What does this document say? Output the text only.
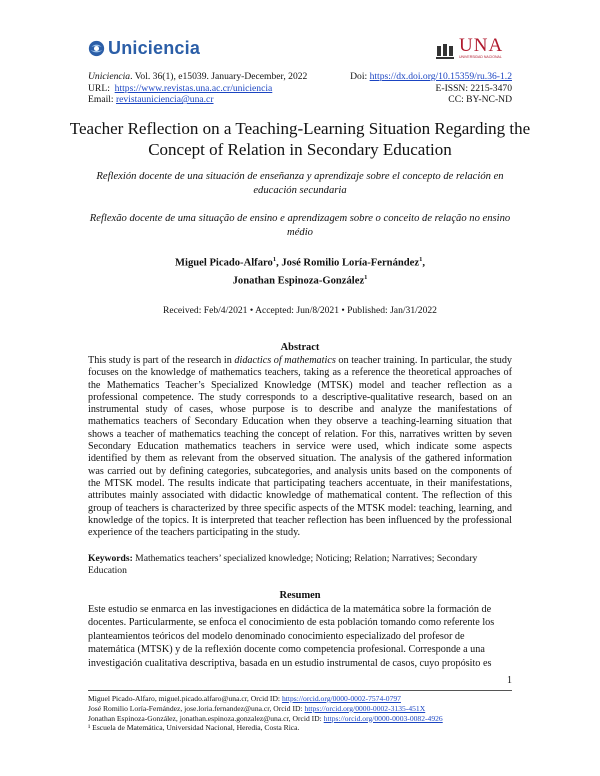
Uniciencia	UNA
UNIVERSIDAD NACIONAL
Uniciencia. Vol. 36(1), e15039. January-December, 2022
URL: https://www.revistas.una.ac.cr/uniciencia
Email: revistauniciencia@una.cr
Doi: https://dx.doi.org/10.15359/ru.36-1.2
E-ISSN: 2215-3470
CC: BY-NC-ND
Teacher Reflection on a Teaching-Learning Situation Regarding the Concept of Relation in Secondary Education
Reflexión docente de una situación de enseñanza y aprendizaje sobre el concepto de relación en educación secundaria
Reflexão docente de uma situação de ensino e aprendizagem sobre o conceito de relação no ensino médio
Miguel Picado-Alfaro$^1$, José Romilio Loría-Fernández$^1$,
Jonathan Espinoza-González$^1$
Received: Feb/4/2021 • Accepted: Jun/8/2021 • Published: Jan/31/2022
Abstract
This study is part of the research in didactics of mathematics on teacher training. In particular, the study focuses on the knowledge of mathematics teachers, taking as a reference the theoretical approaches of the Mathematics Teacher’s Specialized Knowledge (MTSK) model and teacher reflection as a professional competence. The study corresponds to a descriptive-qualitative research, based on an instrumental study of cases, whose purpose is to describe and analyze the manifestations of mathematics teachers of Secondary Education when they observe a teaching-learning situation that shows a teacher of mathematics teaching the concept of relation. For this, narratives written by seven Secondary Education mathematics teachers in service were used, which indicate some aspects identified by them as relevant from the observed situation. The analysis of the gathered information was carried out by defining categories, subcategories, and analysis units based on the components of the MTSK model. The results indicate that participating teachers accentuate, in their manifestations, attributes mainly associated with didactic knowledge of mathematical content. The reflection of this group of teachers is characterized by three specific aspects of the MTSK model: teaching, learning, and knowledge of the topics. It is interpreted that teacher reflection has been influenced by the professional experience of the teachers participating in the study.
Keywords: Mathematics teachers’ specialized knowledge; Noticing; Relation; Narratives; Secondary Education
Resumen
Este estudio se enmarca en las investigaciones en didáctica de la matemática sobre la formación de docentes. Particularmente, se enfoca el conocimiento de esta población tomando como referente los planteamientos teóricos del modelo denominado conocimiento especializado del profesor de matemática (MTSK) y de la reflexión docente como competencia profesional. Corresponde a una investigación cualitativa descriptiva, basada en un estudio instrumental de casos, cuyo propósito es
1
Miguel Picado-Alfaro, miguel.picado.alfaro@una.cr, Orcid ID: https://orcid.org/0000-0002-7574-0797
José Romilio Loría-Fernández, jose.loria.fernandez@una.cr, Orcid ID: https://orcid.org/0000-0002-3135-451X
Jonathan Espinoza-González, jonathan.espinoza.gonzalez@una.cr, Orcid ID: https://orcid.org/0000-0003-0082-4926
¹ Escuela de Matemática, Universidad Nacional, Heredia, Costa Rica.
